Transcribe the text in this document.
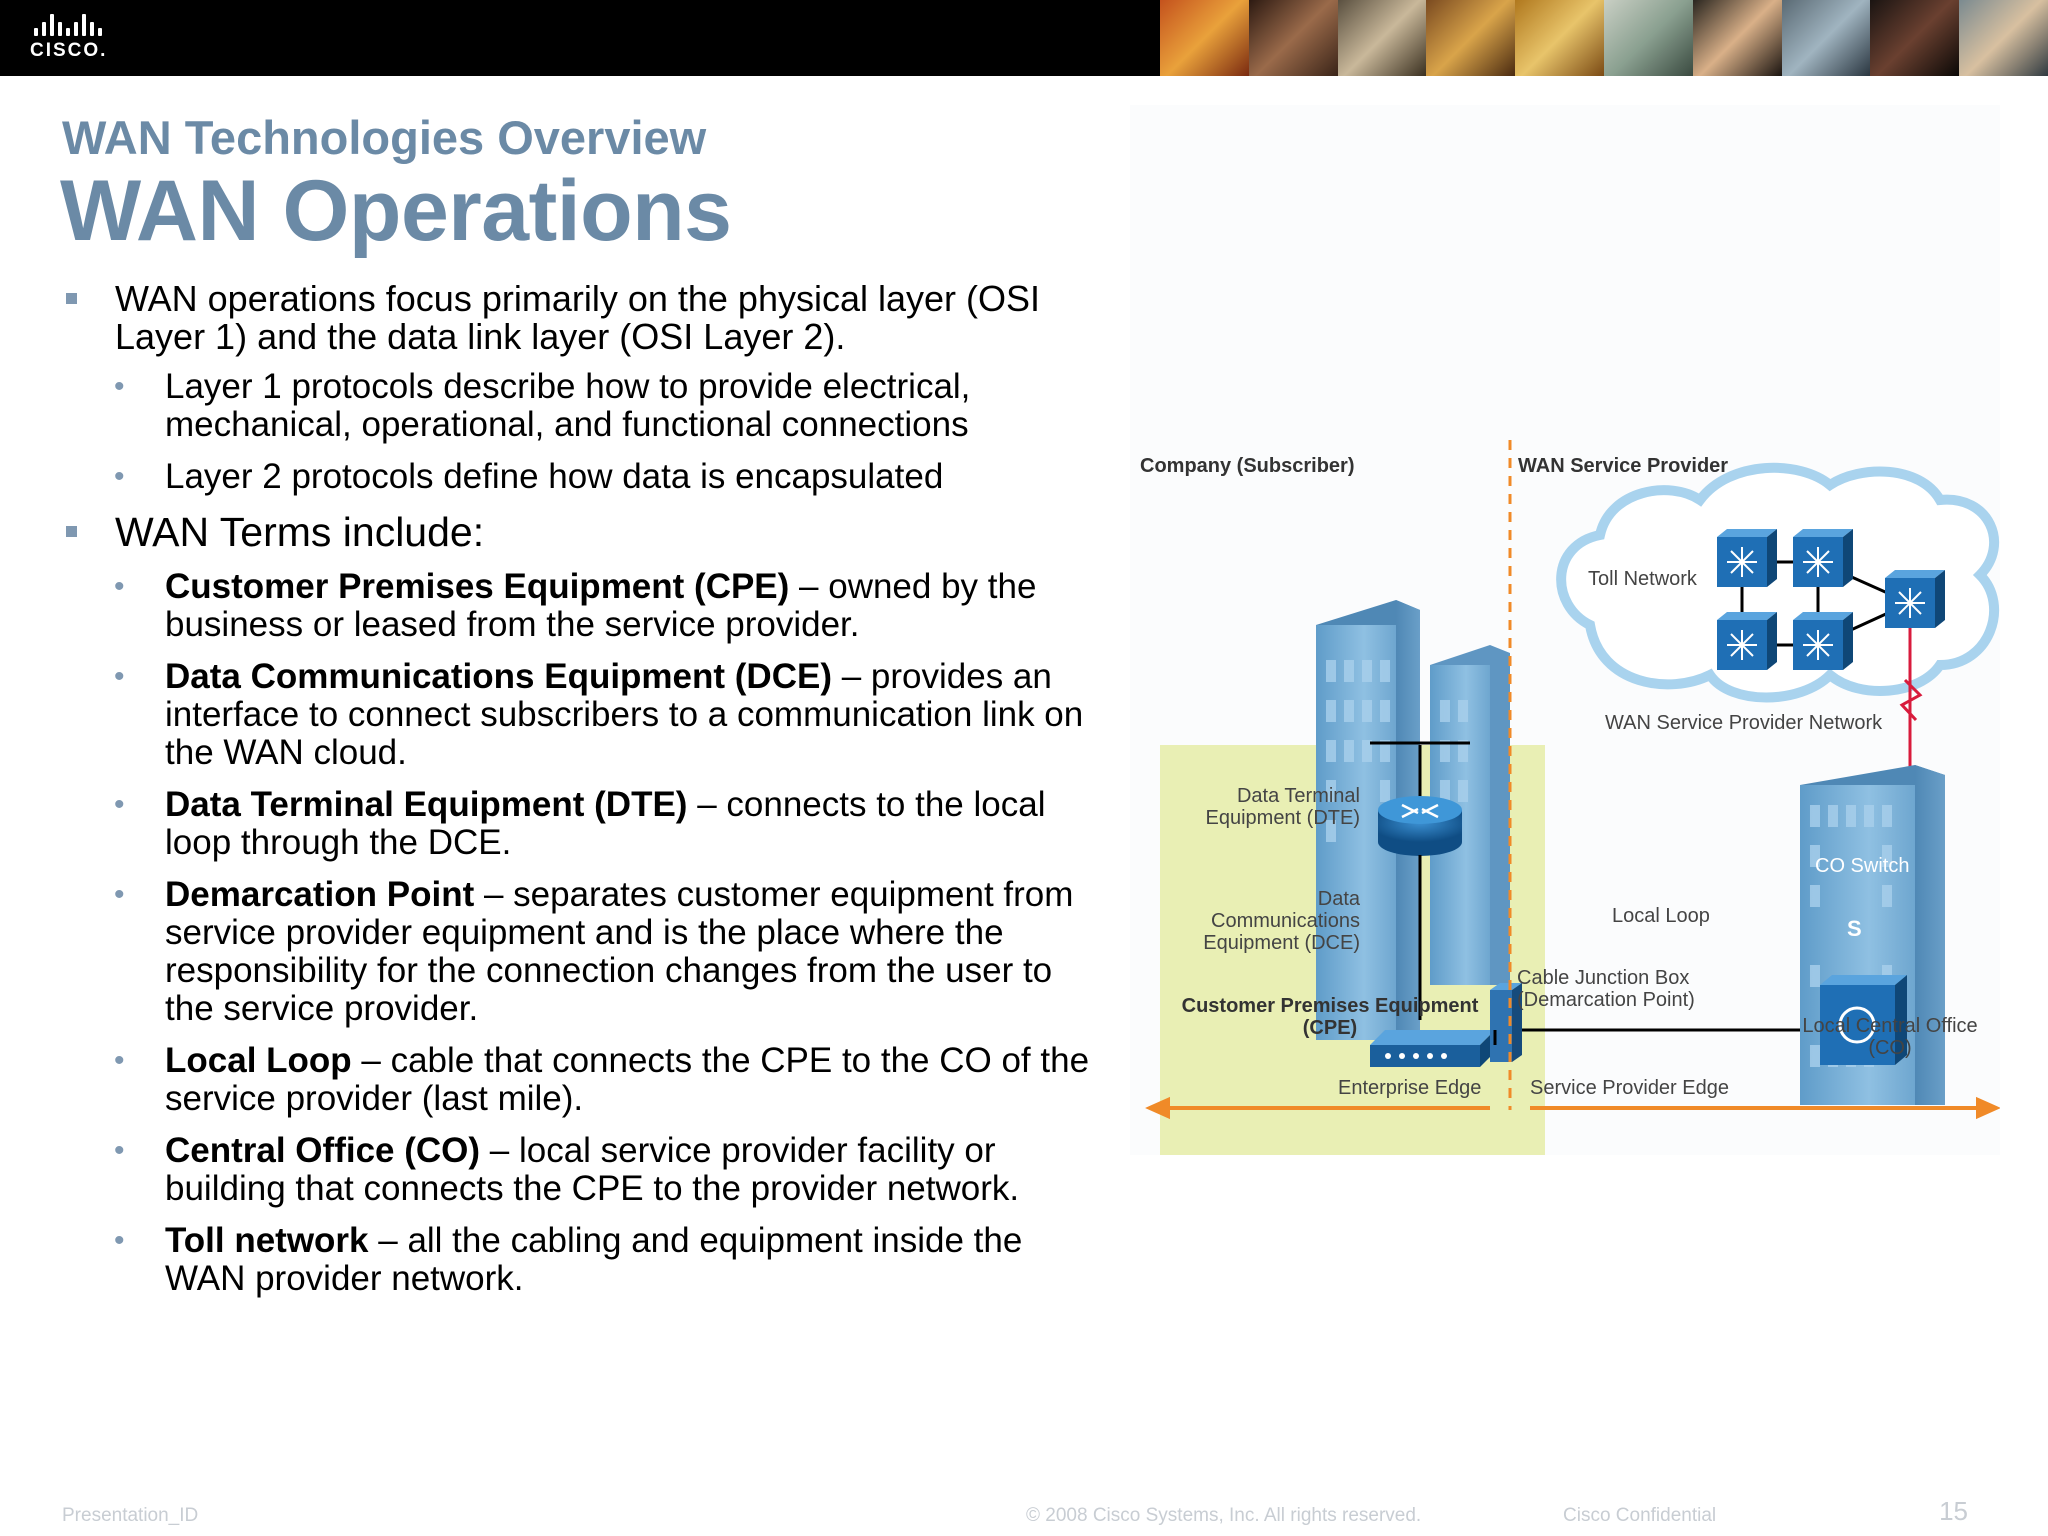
CISCO.
WAN Technologies Overview
WAN Operations
WAN operations focus primarily on the physical layer (OSI Layer 1) and the data link layer (OSI Layer 2).
• Layer 1 protocols describe how to provide electrical, mechanical, operational, and functional connections
• Layer 2 protocols define how data is encapsulated
WAN Terms include:
• Customer Premises Equipment (CPE) – owned by the business or leased from the service provider.
• Data Communications Equipment (DCE) – provides an interface to connect subscribers to a communication link on the WAN cloud.
• Data Terminal Equipment (DTE) – connects to the local loop through the DCE.
• Demarcation Point – separates customer equipment from service provider equipment and is the place where the responsibility for the connection changes from the user to the service provider.
• Local Loop – cable that connects the CPE to the CO of the service provider (last mile).
• Central Office (CO) – local service provider facility or building that connects the CPE to the provider network.
• Toll network – all the cabling and equipment inside the WAN provider network.
Company (Subscriber)	WAN Service Provider
Toll Network
WAN Service Provider Network
Data Terminal
Equipment (DTE)
Data
Communications
Equipment (DCE)
Customer Premises Equipment
(CPE)
Local Loop
CO Switch
S
Cable Junction Box
(Demarcation Point)
Local Central Office
(CO)
Enterprise Edge Service Provider Edge
Presentation_ID	© 2008 Cisco Systems, Inc. All rights reserved.	Cisco Confidential	15
